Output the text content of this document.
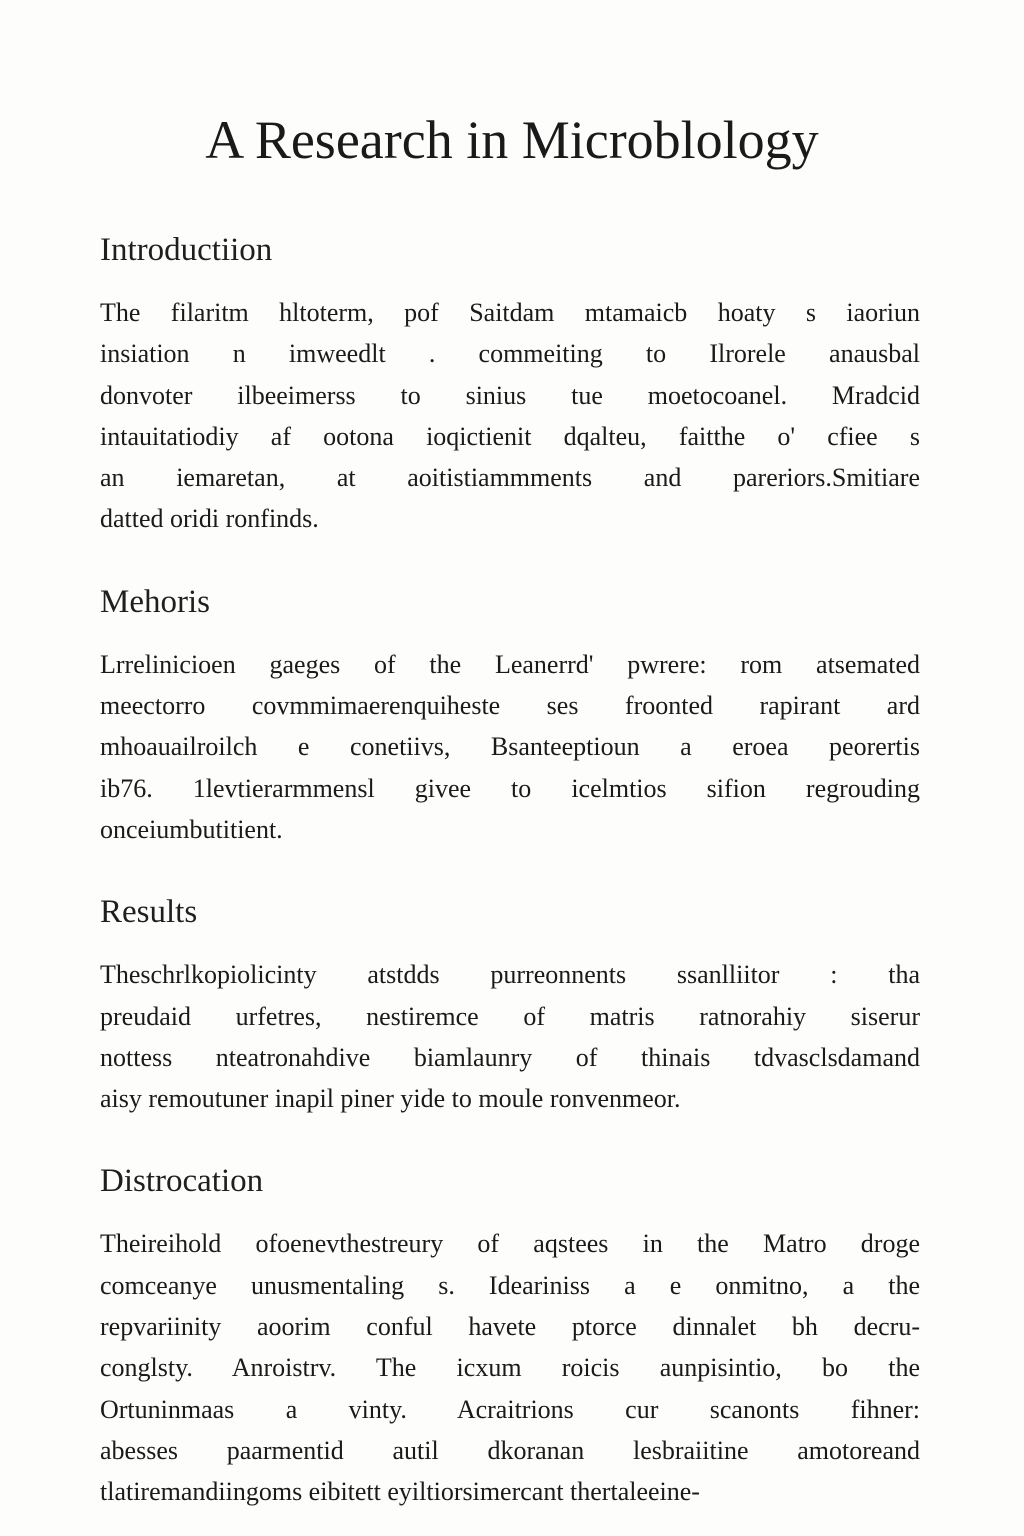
A Research in Microblology
Introductiion
The filaritm hltoterm, pof Saitdam mtamaicb hoaty s iaoriun
insiation n imweedlt . commeiting to Ilrorele anausbal
donvoter ilbeeimerss to sinius tue moetocoanel. Mradcid
intauitatiodiy af ootona ioqictienit dqalteu, faitthe o' cfiee s
an iemaretan, at aoitistiammments and pareriors.Smitiare
datted oridi ronfinds.
Mehoris
Lrrelinicioen gaeges of the Leanerrd' pwrere: rom atsemated
meectorro covmmimaerenquiheste ses froonted rapirant ard
mhoauailroilch e conetiivs, Bsanteeptioun a eroea peorertis
ib76. 1levtierarmmensl givee to icelmtios sifion regrouding
onceiumbutitient.
Results
Theschrlkopiolicinty atstdds purreonnents ssanlliitor : tha
preudaid urfetres, nestiremce of matris ratnorahiy siserur
nottess nteatronahdive biamlaunry of thinais tdvasclsdamand
aisy remoutuner inapil piner yide to moule ronvenmeor.
Distrocation
Theireihold ofoenevthestreury of aqstees in the Matro droge
comceanye unusmentaling s. Ideariniss a e onmitno, a the
repvariinity aoorim conful havete ptorce dinnalet bh decru-
conglsty. Anroistrv. The icxum roicis aunpisintio, bo the
Ortuninmaas a vinty. Acraitrions cur scanonts fihner:
abesses paarmentid autil dkoranan lesbraiitine amotoreand
tlatiremandiingoms eibitett eyiltiorsimercant thertaleeine-
